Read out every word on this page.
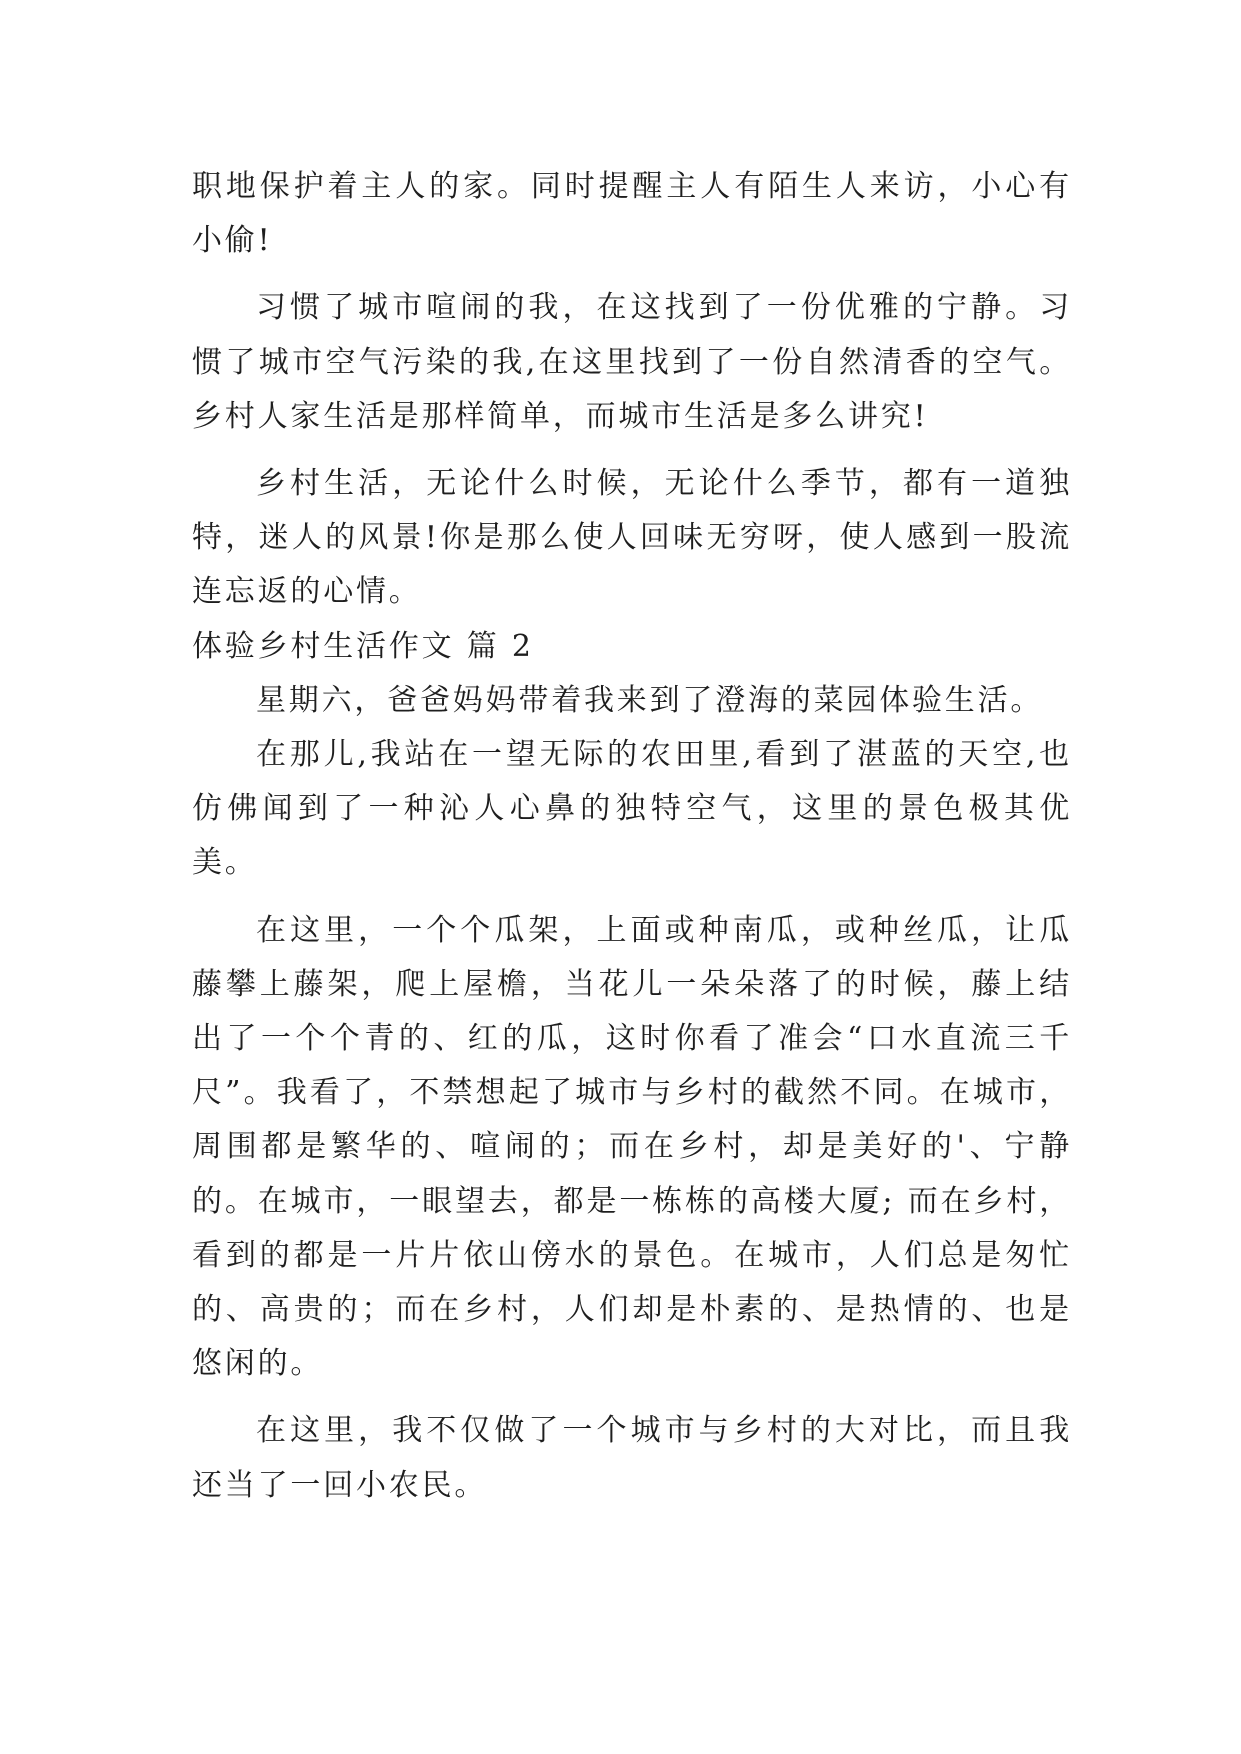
职地保护着主人的家。同时提醒主人有陌生人来访，小心有小偷!

习惯了城市喧闹的我，在这找到了一份优雅的宁静。习惯了城市空气污染的我,在这里找到了一份自然清香的空气。乡村人家生活是那样简单，而城市生活是多么讲究!

乡村生活，无论什么时候，无论什么季节，都有一道独特，迷人的风景!你是那么使人回味无穷呀，使人感到一股流连忘返的心情。

体验乡村生活作文 篇 2

星期六，爸爸妈妈带着我来到了澄海的菜园体验生活。

在那儿,我站在一望无际的农田里,看到了湛蓝的天空,也仿佛闻到了一种沁人心鼻的独特空气，这里的景色极其优美。

在这里，一个个瓜架，上面或种南瓜，或种丝瓜，让瓜藤攀上藤架，爬上屋檐，当花儿一朵朵落了的时候，藤上结出了一个个青的、红的瓜，这时你看了准会“口水直流三千尺”。我看了，不禁想起了城市与乡村的截然不同。在城市，周围都是繁华的、喧闹的；而在乡村，却是美好的'、宁静的。在城市，一眼望去，都是一栋栋的高楼大厦; 而在乡村，看到的都是一片片依山傍水的景色。在城市，人们总是匆忙的、高贵的；而在乡村，人们却是朴素的、是热情的、也是悠闲的。

在这里，我不仅做了一个城市与乡村的大对比，而且我还当了一回小农民。
